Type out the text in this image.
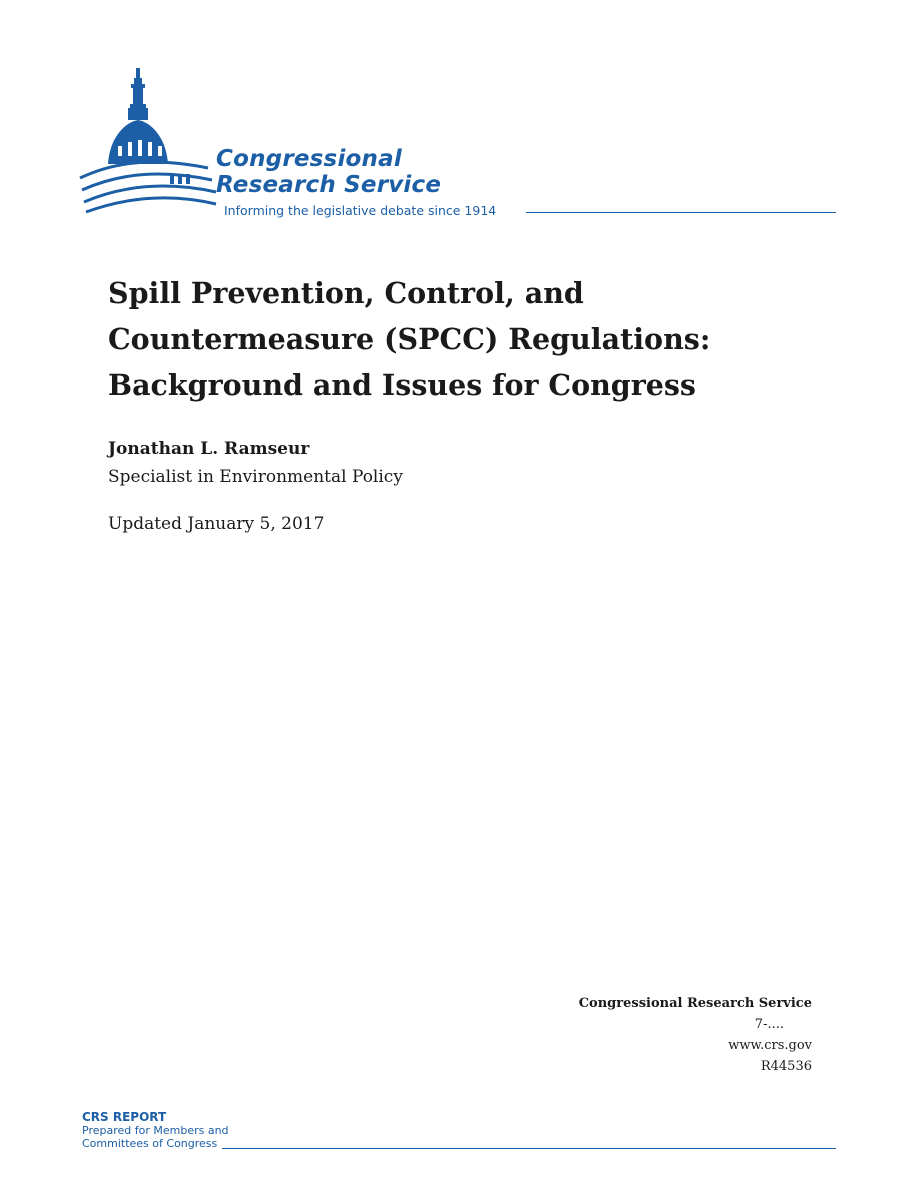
Congressional
Research Service
Informing the legislative debate since 1914
Spill Prevention, Control, and Countermeasure (SPCC) Regulations: Background and Issues for Congress
Jonathan L. Ramseur
Specialist in Environmental Policy
Updated January 5, 2017
Congressional Research Service
7-....
www.crs.gov
R44536
CRS REPORT
Prepared for Members and
Committees of Congress
